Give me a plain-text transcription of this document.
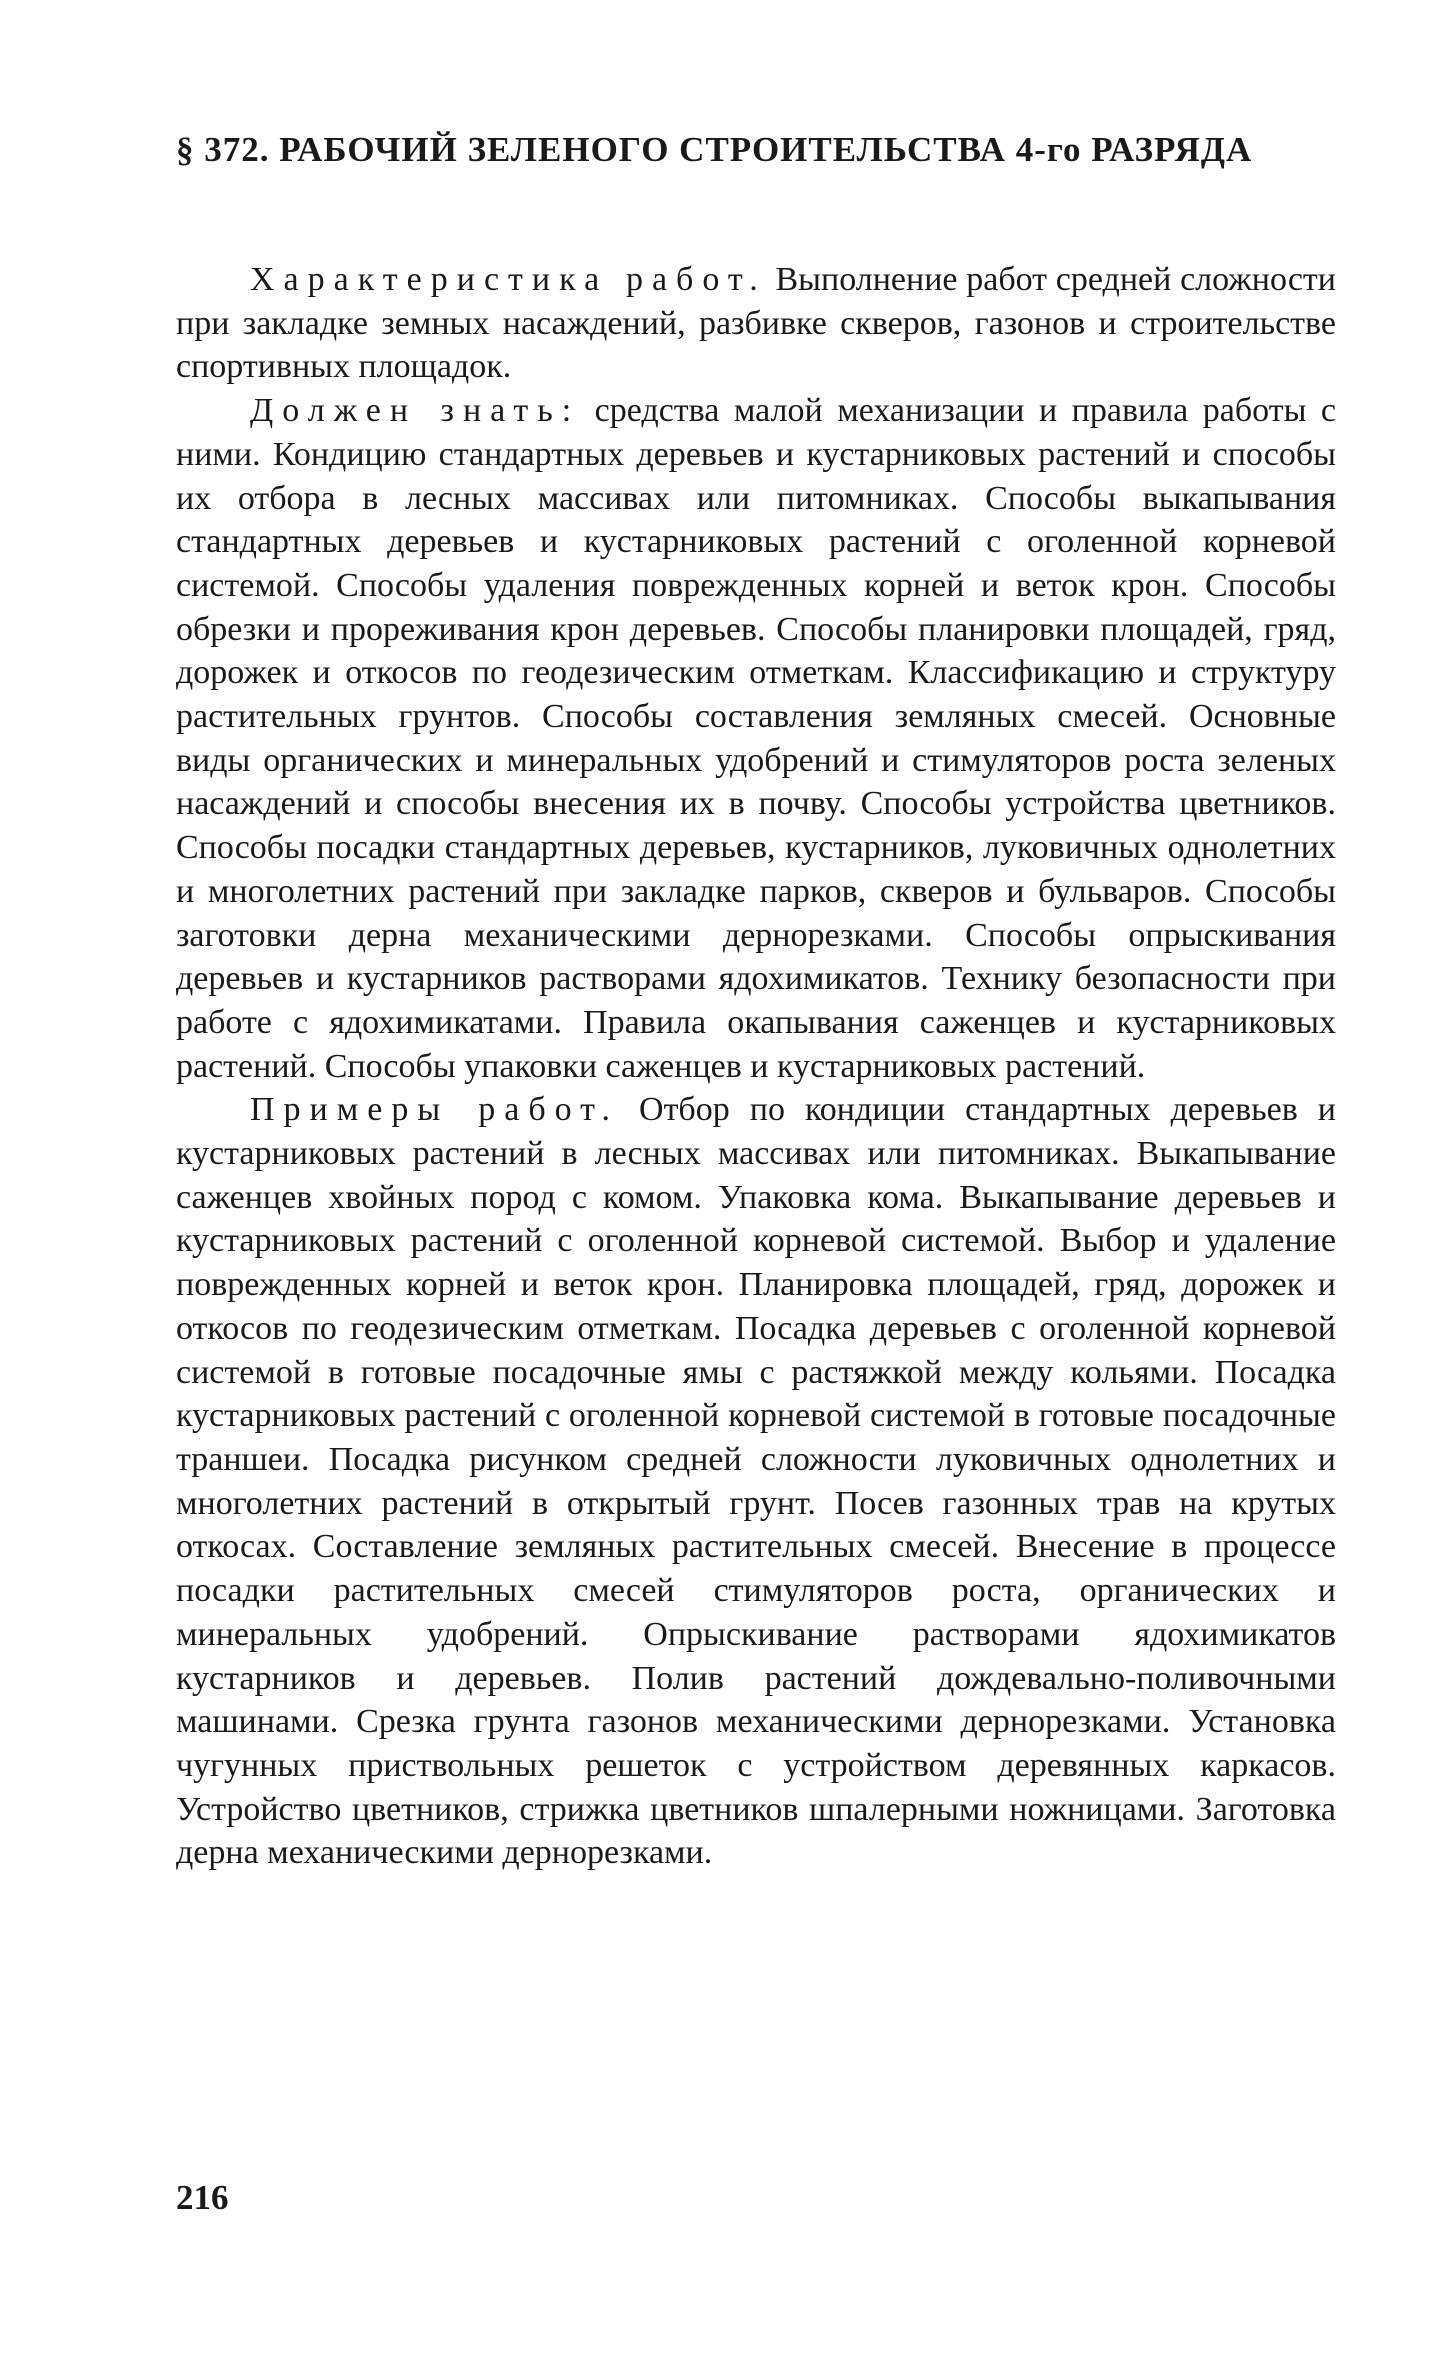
§ 372. РАБОЧИЙ ЗЕЛЕНОГО СТРОИТЕЛЬСТВА 4-го РАЗРЯДА

Характеристика работ. Выполнение работ средней сложности при закладке земных насаждений, разбивке скверов, газонов и строительстве спортивных площадок.

Должен знать: средства малой механизации и правила работы с ними. Кондицию стандартных деревьев и кустарниковых растений и способы их отбора в лесных массивах или питомниках. Способы выкапывания стандартных деревьев и кустарниковых растений с оголенной корневой системой. Способы удаления поврежденных корней и веток крон. Способы обрезки и прореживания крон деревьев. Способы планировки площадей, гряд, дорожек и откосов по геодезическим отметкам. Классификацию и структуру растительных грунтов. Способы составления земляных смесей. Основные виды органических и минеральных удобрений и стимуляторов роста зеленых насаждений и способы внесения их в почву. Способы устройства цветников. Способы посадки стандартных деревьев, кустарников, луковичных однолетних и многолетних растений при закладке парков, скверов и бульваров. Способы заготовки дерна механическими дернорезками. Способы опрыскивания деревьев и кустарников растворами ядохимикатов. Технику безопасности при работе с ядохимикатами. Правила окапывания саженцев и кустарниковых растений. Способы упаковки саженцев и кустарниковых растений.

Примеры работ. Отбор по кондиции стандартных деревьев и кустарниковых растений в лесных массивах или питомниках. Выкапывание саженцев хвойных пород с комом. Упаковка кома. Выкапывание деревьев и кустарниковых растений с оголенной корневой системой. Выбор и удаление поврежденных корней и веток крон. Планировка площадей, гряд, дорожек и откосов по геодезическим отметкам. Посадка деревьев с оголенной корневой системой в готовые посадочные ямы с растяжкой между кольями. Посадка кустарниковых растений с оголенной корневой системой в готовые посадочные траншеи. Посадка рисунком средней сложности луковичных однолетних и многолетних растений в открытый грунт. Посев газонных трав на крутых откосах. Составление земляных растительных смесей. Внесение в процессе посадки растительных смесей стимуляторов роста, органических и минеральных удобрений. Опрыскивание растворами ядохимикатов кустарников и деревьев. Полив растений дождевально-поливочными машинами. Срезка грунта газонов механическими дернорезками. Установка чугунных приствольных решеток с устройством деревянных каркасов. Устройство цветников, стрижка цветников шпалерными ножницами. Заготовка дерна механическими дернорезками.

216
